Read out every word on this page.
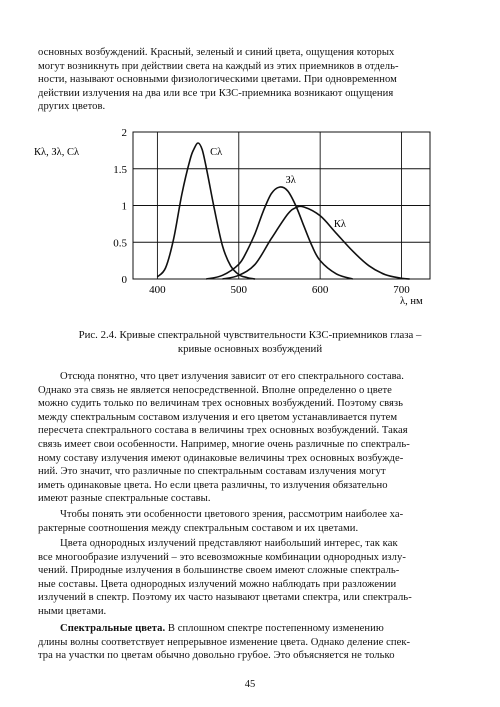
основных возбуждений. Красный, зеленый и синий цвета, ощущения которых
могут возникнуть при действии света на каждый из этих приемников в отдель-
ности, называют основными физиологическими цветами. При одновременном
действии излучения на два или все три КЗС-приемника возникают ощущения
других цветов.

400	500	600	700
0
0.5
1
1.5
2
Сλ
Зλ
Кλ
Кλ, Зλ, Сλ
λ, нм

Рис. 2.4. Кривые спектральной чувствительности КЗС-приемников глаза –
кривые основных возбуждений

Отсюда понятно, что цвет излучения зависит от его спектрального состава.
Однако эта связь не является непосредственной. Вполне определенно о цвете
можно судить только по величинам трех основных возбуждений. Поэтому связь
между спектральным составом излучения и его цветом устанавливается путем
пересчета спектрального состава в величины трех основных возбуждений. Такая
связь имеет свои особенности. Например, многие очень различные по спектраль-
ному составу излучения имеют одинаковые величины трех основных возбужде-
ний. Это значит, что различные по спектральным составам излучения могут
иметь одинаковые цвета. Но если цвета различны, то излучения обязательно
имеют разные спектральные составы.

Чтобы понять эти особенности цветового зрения, рассмотрим наиболее ха-
рактерные соотношения между спектральным составом и их цветами.

Цвета однородных излучений представляют наибольший интерес, так как
все многообразие излучений – это всевозможные комбинации однородных излу-
чений. Природные излучения в большинстве своем имеют сложные спектраль-
ные составы. Цвета однородных излучений можно наблюдать при разложении
излучений в спектр. Поэтому их часто называют цветами спектра, или спектраль-
ными цветами.

Спектральные цвета. В сплошном спектре постепенному изменению
длины волны соответствует непрерывное изменение цвета. Однако деление спек-
тра на участки по цветам обычно довольно грубое. Это объясняется не только

45
